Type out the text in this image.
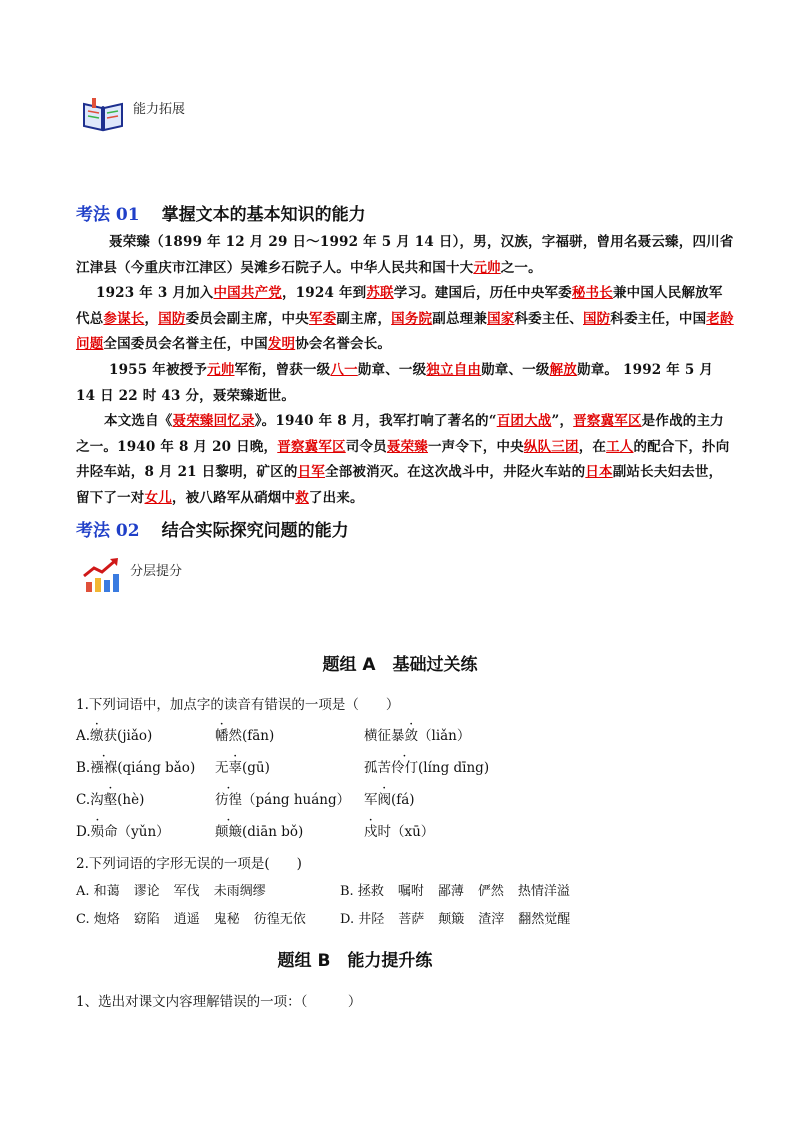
能力拓展
考法 01 掌握文本的基本知识的能力
聂荣臻（1899 年 12 月 29 日～1992 年 5 月 14 日），男，汉族，字福骈，曾用名聂云臻，四川省江津县（今重庆市江津区）吴滩乡石院子人。中华人民共和国十大元帅之一。
1923 年 3 月加入中国共产党，1924 年到苏联学习。建国后，历任中央军委秘书长兼中国人民解放军代总参谋长，国防委员会副主席，中央军委副主席，国务院副总理兼国家科委主任、国防科委主任，中国老龄问题全国委员会名誉主任，中国发明协会名誉会长。
1955 年被授予元帅军衔，曾获一级八一勋章、一级独立自由勋章、一级解放勋章。 1992 年 5 月 14 日 22 时 43 分，聂荣臻逝世。
本文选自《聂荣臻回忆录》。1940 年 8 月，我军打响了著名的“百团大战”，晋察冀军区是作战的主力之一。1940 年 8 月 20 日晚，晋察冀军区司令员聂荣臻一声令下，中央纵队三团，在工人的配合下，扑向井陉车站，8 月 21 日黎明，矿区的日军全部被消灭。在这次战斗中，井陉火车站的日本副站长夫妇去世，留下了一对女儿，被八路军从硝烟中救了出来。
考法 02 结合实际探究问题的能力
分层提分
题组 A　基础过关练
1.下列词语中，加点字的读音有错误的一项是（　　）
A.缴获(jiǎo)	幡然(fān)	横征暴敛（liǎn）
B.襁褓(qiáng bǎo) 无辜(gū)	孤苦伶仃(líng dīng)
C.沟壑(hè)	彷徨（páng huáng） 军阀(fá)
D.殒命（yǔn）	颠簸(diān bǒ)	戍时（xū）
2.下列词语的字形无误的一项是(　　)
A. 和蔼 谬论 军伐 未雨绸缪	B. 拯救 嘱咐 鄙薄 俨然 热情洋溢
C. 炮烙 窈陷 逍遥 鬼秘 彷徨无依	D. 井陉 菩萨 颠簸 渣滓 翻然觉醒
题组 B　能力提升练
1、选出对课文内容理解错误的一项：（　　　）
